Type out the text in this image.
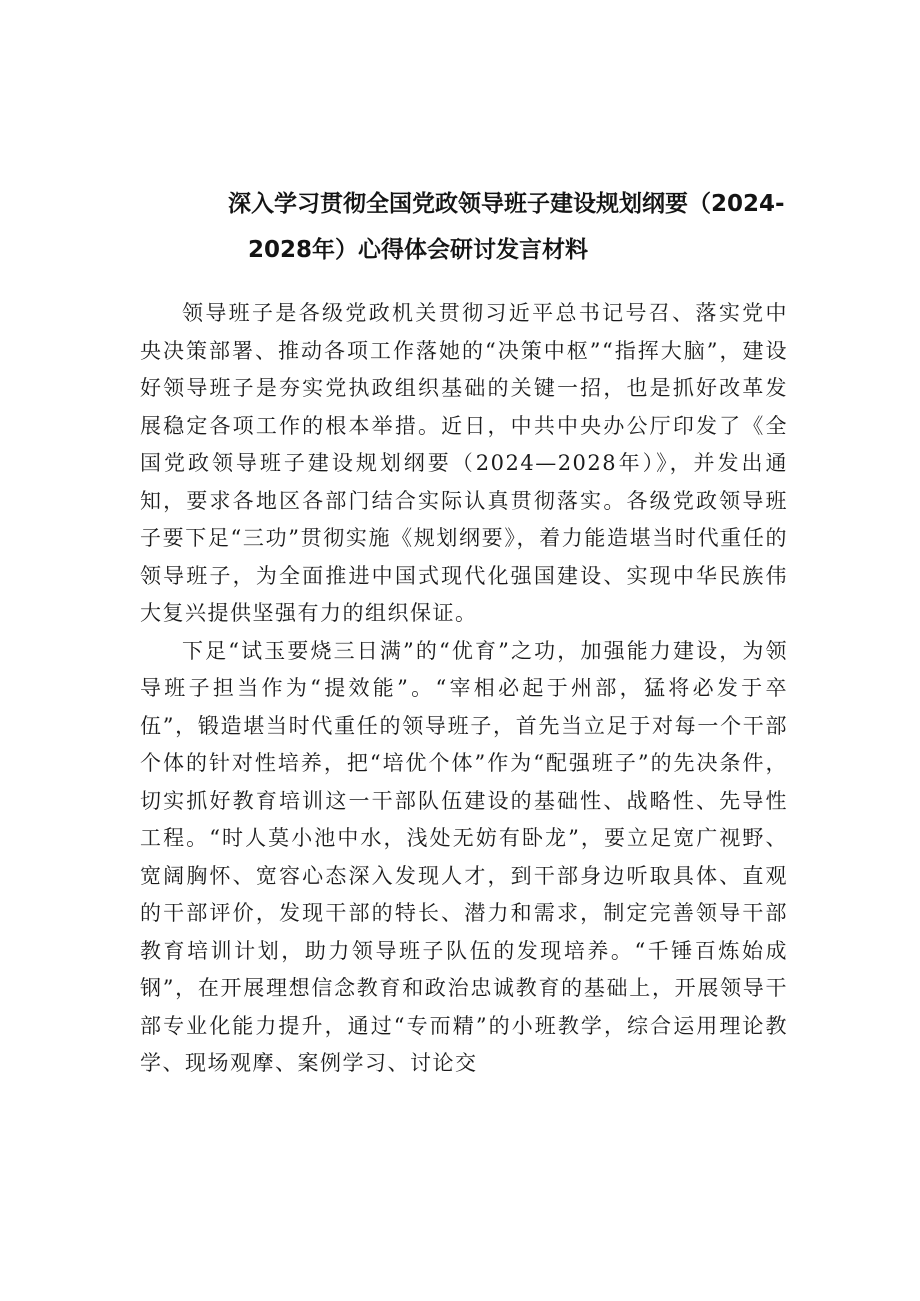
深入学习贯彻全国党政领导班子建设规划纲要（2024-
2028年）心得体会研讨发言材料

领导班子是各级党政机关贯彻习近平总书记号召、落实党中央决策部署、推动各项工作落她的“决策中枢”“指挥大脑”，建设好领导班子是夯实党执政组织基础的关键一招，也是抓好改革发展稳定各项工作的根本举措。近日，中共中央办公厅印发了《全国党政领导班子建设规划纲要（2024—2028年）》，并发出通知，要求各地区各部门结合实际认真贯彻落实。各级党政领导班子要下足“三功”贯彻实施《规划纲要》，着力能造堪当时代重任的领导班子，为全面推进中国式现代化强国建设、实现中华民族伟大复兴提供坚强有力的组织保证。

下足“试玉要烧三日满”的“优育”之功，加强能力建设，为领导班子担当作为“提效能”。“宰相必起于州部，猛将必发于卒伍”，锻造堪当时代重任的领导班子，首先当立足于对每一个干部个体的针对性培养，把“培优个体”作为“配强班子”的先决条件，切实抓好教育培训这一干部队伍建设的基础性、战略性、先导性工程。“时人莫小池中水，浅处无妨有卧龙”，要立足宽广视野、宽阔胸怀、宽容心态深入发现人才，到干部身边听取具体、直观的干部评价，发现干部的特长、潜力和需求，制定完善领导干部教育培训计划，助力领导班子队伍的发现培养。“千锤百炼始成钢”，在开展理想信念教育和政治忠诚教育的基础上，开展领导干部专业化能力提升，通过“专而精”的小班教学，综合运用理论教学、现场观摩、案例学习、讨论交
